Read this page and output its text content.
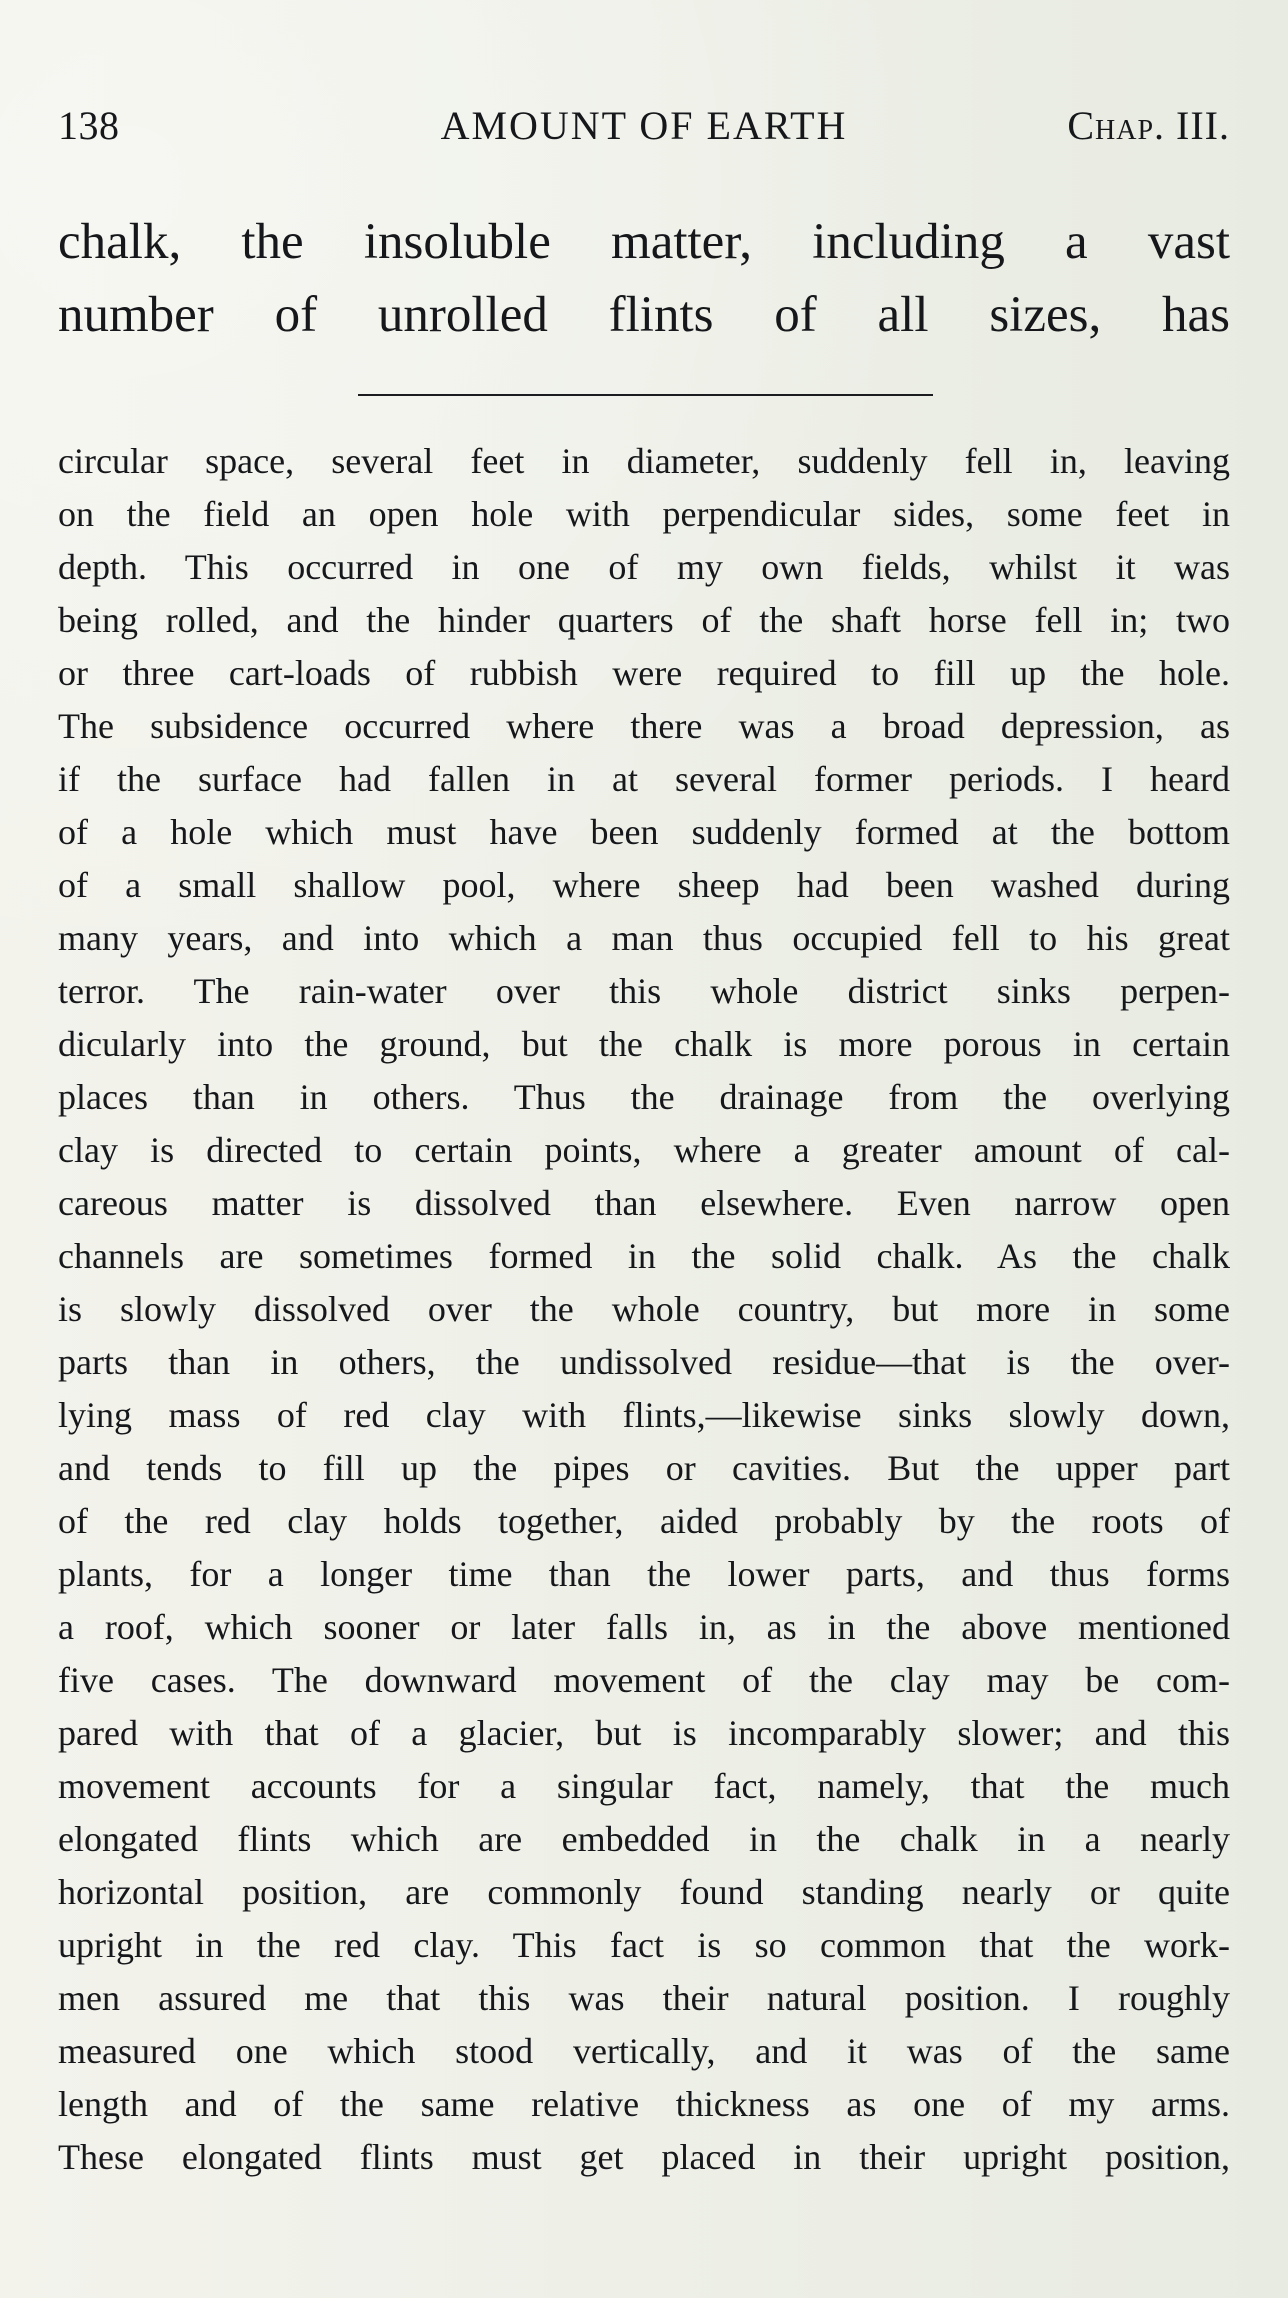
138	AMOUNT OF EARTH	Chap. III.
chalk, the insoluble matter, including a vast
number of unrolled flints of all sizes, has
circular space, several feet in diameter, suddenly fell in, leaving
on the field an open hole with perpendicular sides, some feet in
depth. This occurred in one of my own fields, whilst it was
being rolled, and the hinder quarters of the shaft horse fell in; two
or three cart-loads of rubbish were required to fill up the hole.
The subsidence occurred where there was a broad depression, as
if the surface had fallen in at several former periods. I heard
of a hole which must have been suddenly formed at the bottom
of a small shallow pool, where sheep had been washed during
many years, and into which a man thus occupied fell to his great
terror. The rain-water over this whole district sinks perpen-
dicularly into the ground, but the chalk is more porous in certain
places than in others. Thus the drainage from the overlying
clay is directed to certain points, where a greater amount of cal-
careous matter is dissolved than elsewhere. Even narrow open
channels are sometimes formed in the solid chalk. As the chalk
is slowly dissolved over the whole country, but more in some
parts than in others, the undissolved residue—that is the over-
lying mass of red clay with flints,—likewise sinks slowly down,
and tends to fill up the pipes or cavities. But the upper part
of the red clay holds together, aided probably by the roots of
plants, for a longer time than the lower parts, and thus forms
a roof, which sooner or later falls in, as in the above mentioned
five cases. The downward movement of the clay may be com-
pared with that of a glacier, but is incomparably slower; and this
movement accounts for a singular fact, namely, that the much
elongated flints which are embedded in the chalk in a nearly
horizontal position, are commonly found standing nearly or quite
upright in the red clay. This fact is so common that the work-
men assured me that this was their natural position. I roughly
measured one which stood vertically, and it was of the same
length and of the same relative thickness as one of my arms.
These elongated flints must get placed in their upright position,
